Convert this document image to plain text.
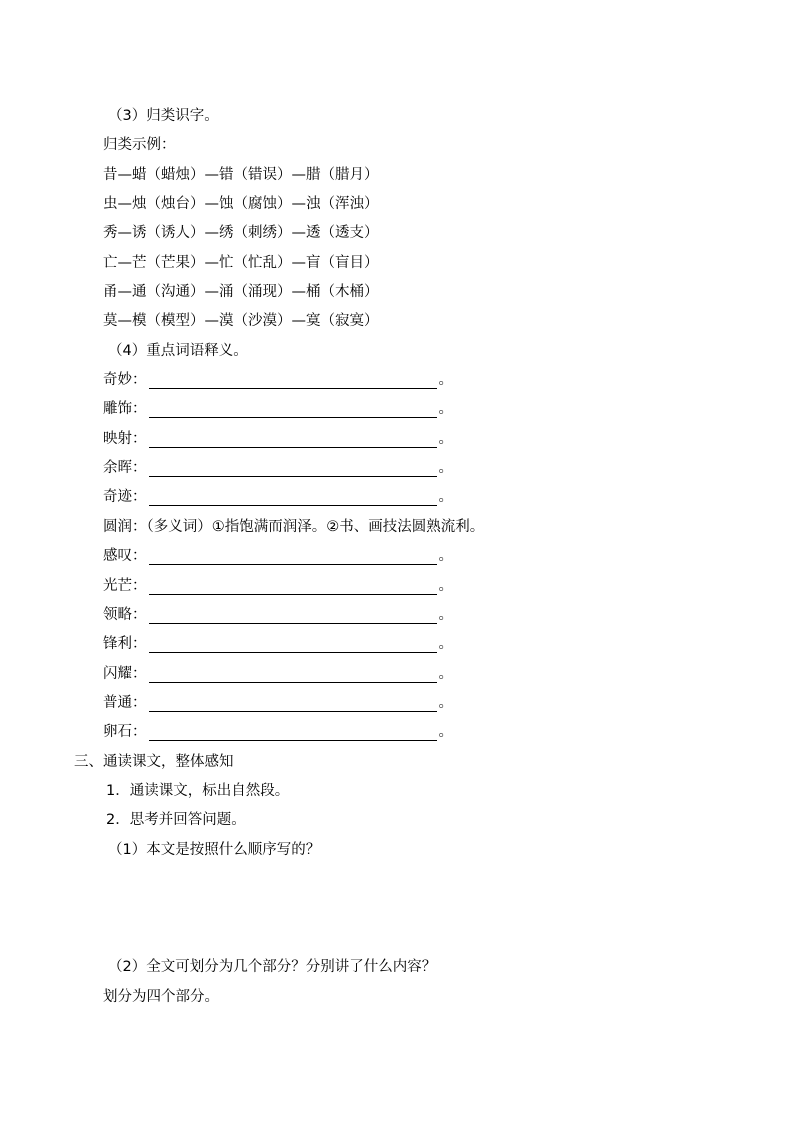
（3）归类识字。
归类示例：
昔—蜡（蜡烛）—错（错误）—腊（腊月）
虫—烛（烛台）—蚀（腐蚀）—浊（浑浊）
秀—诱（诱人）—绣（刺绣）—透（透支）
亡—芒（芒果）—忙（忙乱）—盲（盲目）
甬—通（沟通）—涌（涌现）—桶（木桶）
莫—模（模型）—漠（沙漠）—寞（寂寞）
（4）重点词语释义。
奇妙：	。
雕饰：	。
映射：	。
余晖：	。
奇迹：	。
圆润：（多义词）①指饱满而润泽。②书、画技法圆熟流利。
感叹：	。
光芒：	。
领略：	。
锋利：	。
闪耀：	。
普通：	。
卵石：	。
三、通读课文，整体感知
1．通读课文，标出自然段。
2．思考并回答问题。
（1）本文是按照什么顺序写的？
（2）全文可划分为几个部分？分别讲了什么内容？
划分为四个部分。
